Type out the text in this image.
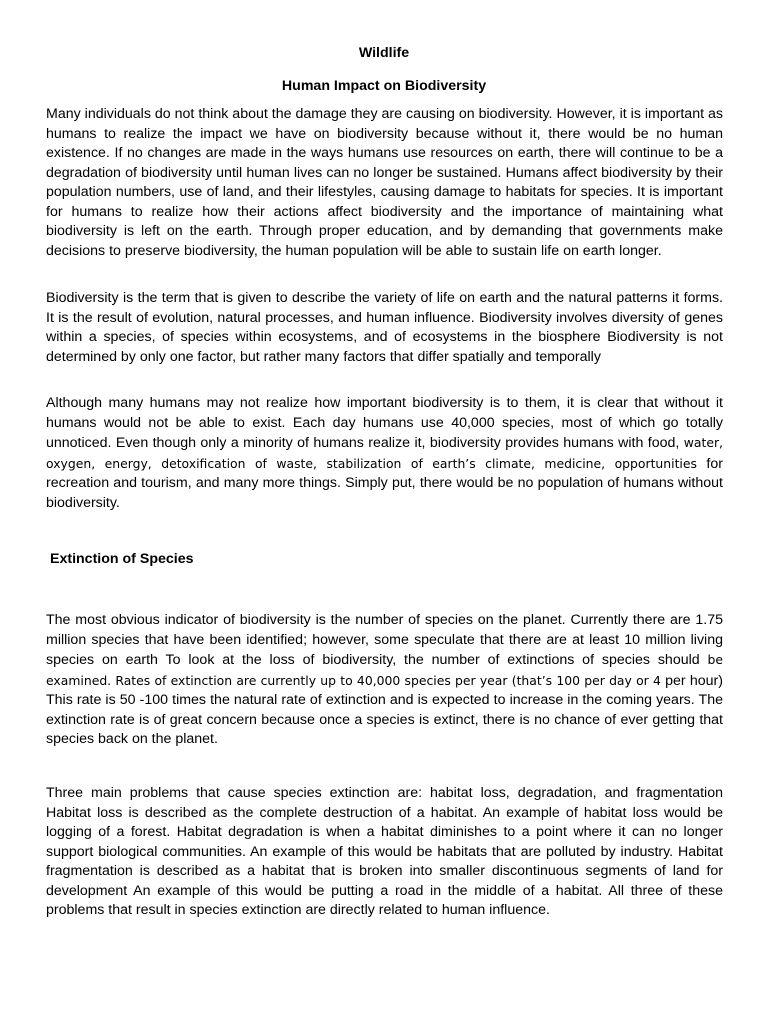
Wildlife
Human Impact on Biodiversity

Many individuals do not think about the damage they are causing on biodiversity. However, it is important as humans to realize the impact we have on biodiversity because without it, there would be no human existence. If no changes are made in the ways humans use resources on earth, there will continue to be a degradation of biodiversity until human lives can no longer be sustained. Humans affect biodiversity by their population numbers, use of land, and their lifestyles, causing damage to habitats for species. It is important for humans to realize how their actions affect biodiversity and the importance of maintaining what biodiversity is left on the earth. Through proper education, and by demanding that governments make decisions to preserve biodiversity, the human population will be able to sustain life on earth longer.

Biodiversity is the term that is given to describe the variety of life on earth and the natural patterns it forms. It is the result of evolution, natural processes, and human influence. Biodiversity involves diversity of genes within a species, of species within ecosystems, and of ecosystems in the biosphere Biodiversity is not determined by only one factor, but rather many factors that differ spatially and temporally

Although many humans may not realize how important biodiversity is to them, it is clear that without it humans would not be able to exist. Each day humans use 40,000 species, most of which go totally unnoticed. Even though only a minority of humans realize it, biodiversity provides humans with food, water, oxygen, energy, detoxification of waste, stabilization of earth’s climate, medicine, opportunities for recreation and tourism, and many more things. Simply put, there would be no population of humans without biodiversity.

Extinction of Species

The most obvious indicator of biodiversity is the number of species on the planet. Currently there are 1.75 million species that have been identified; however, some speculate that there are at least 10 million living species on earth To look at the loss of biodiversity, the number of extinctions of species should be examined. Rates of extinction are currently up to 40,000 species per year (that’s 100 per day or 4 per hour) This rate is 50 -100 times the natural rate of extinction and is expected to increase in the coming years. The extinction rate is of great concern because once a species is extinct, there is no chance of ever getting that species back on the planet.

Three main problems that cause species extinction are: habitat loss, degradation, and fragmentation Habitat loss is described as the complete destruction of a habitat. An example of habitat loss would be logging of a forest. Habitat degradation is when a habitat diminishes to a point where it can no longer support biological communities. An example of this would be habitats that are polluted by industry. Habitat fragmentation is described as a habitat that is broken into smaller discontinuous segments of land for development An example of this would be putting a road in the middle of a habitat. All three of these problems that result in species extinction are directly related to human influence.
